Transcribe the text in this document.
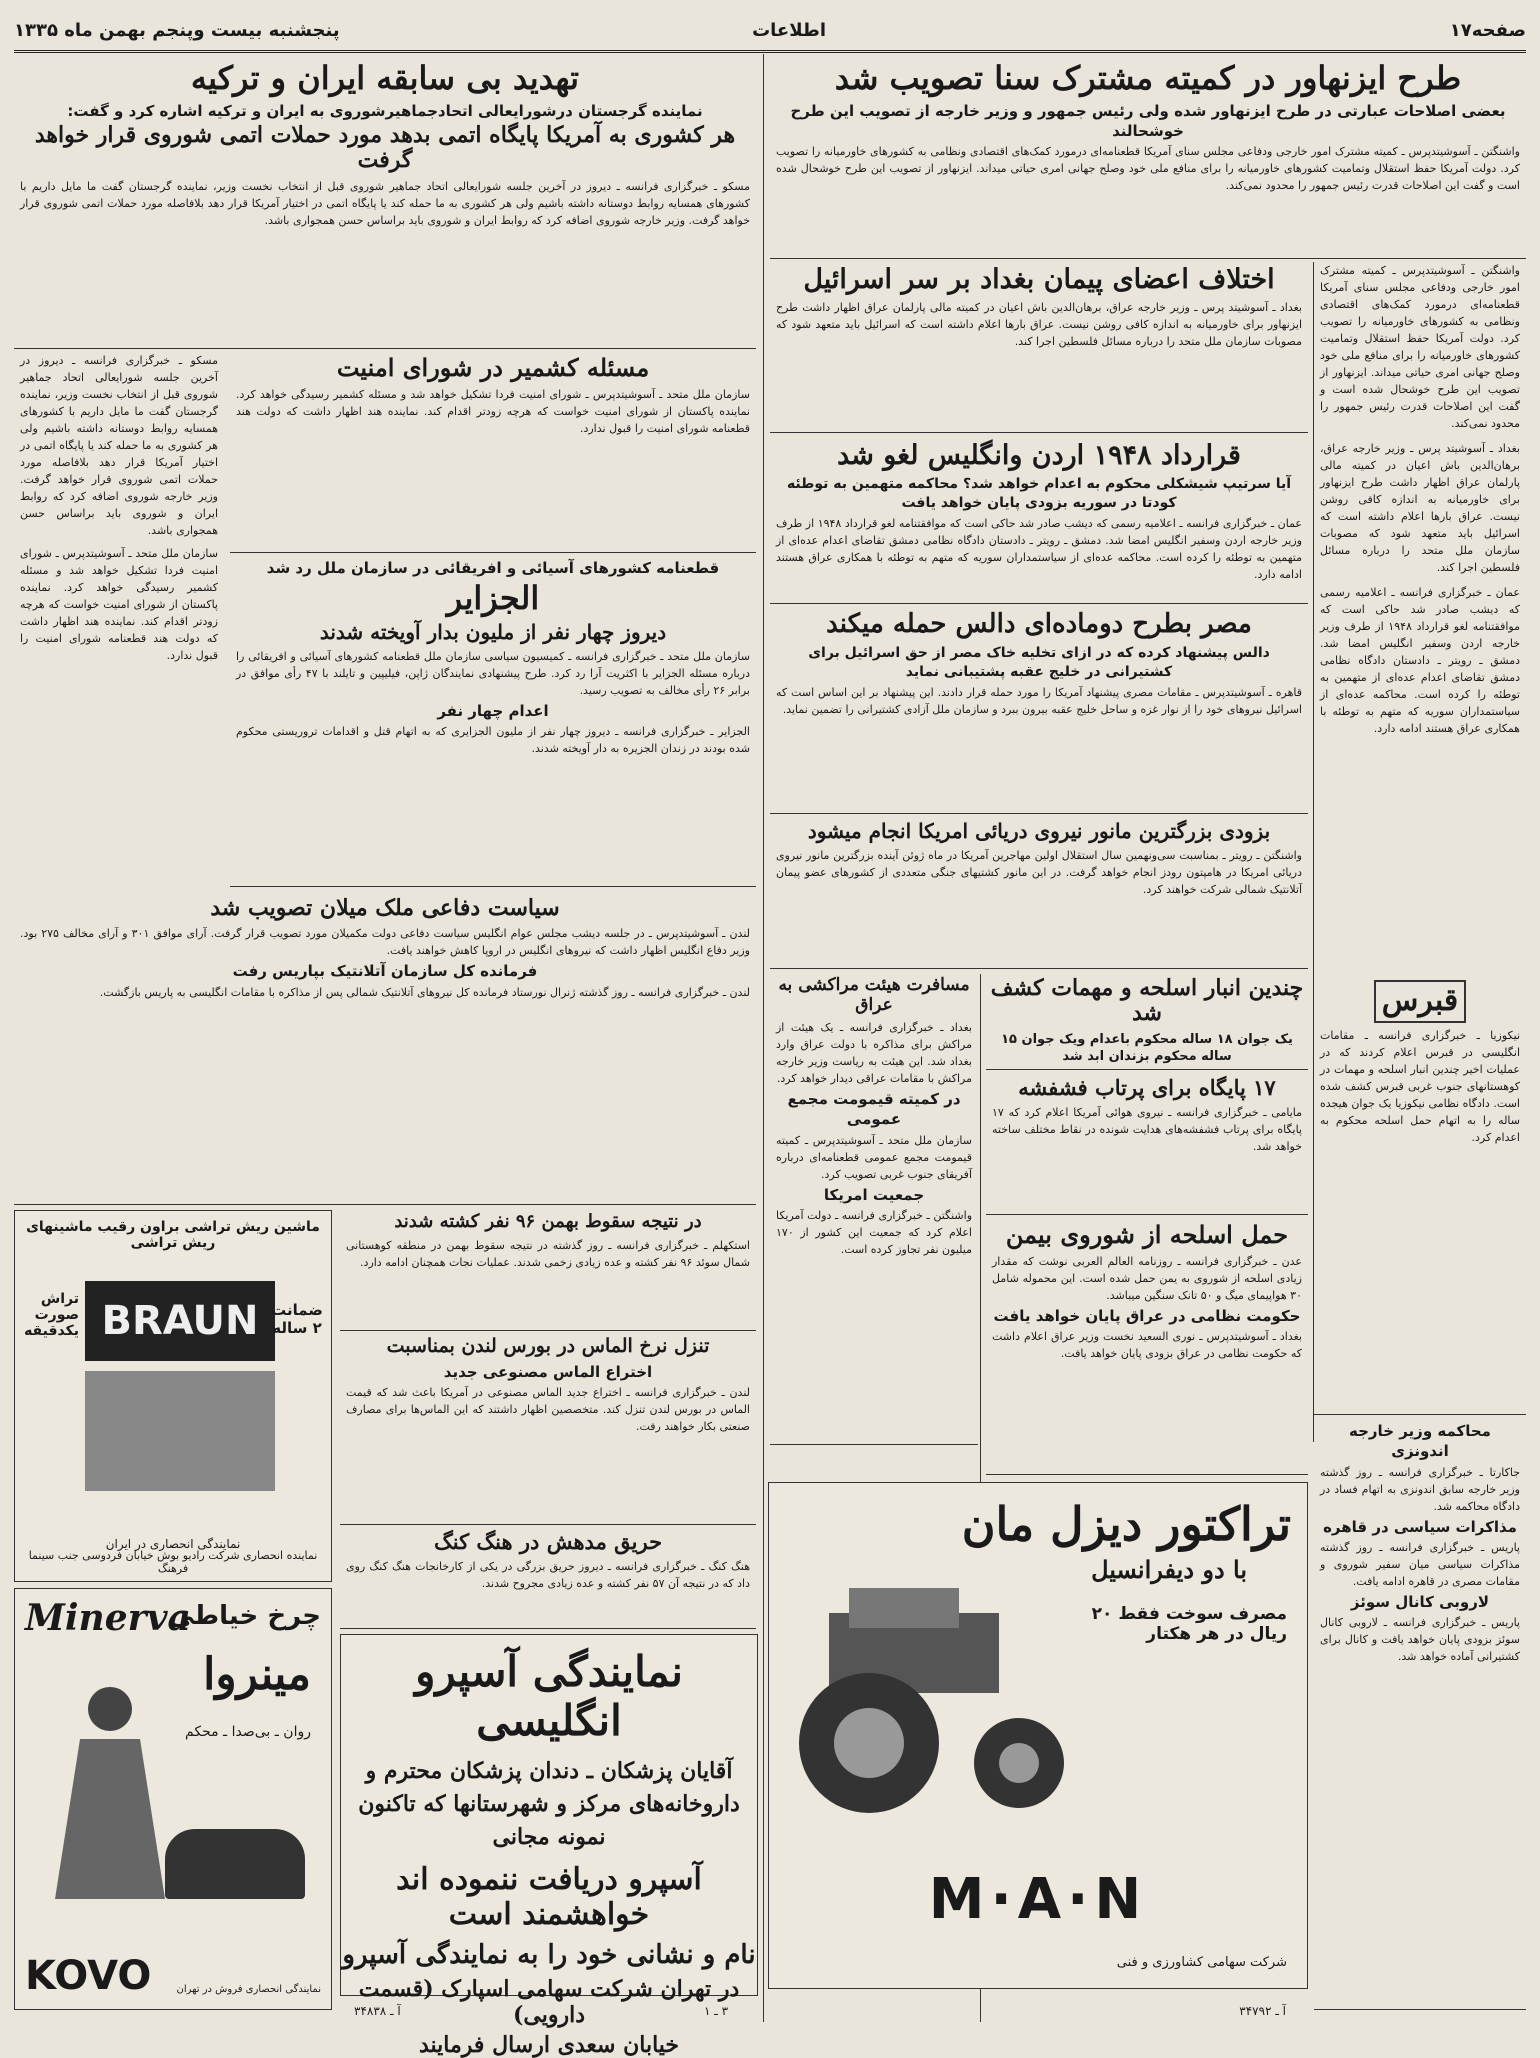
صفحه۱۷
اطلاعات
پنجشنبه بیست وپنجم بهمن ماه ۱۳۳۵
طرح ایزنهاور در کمیته مشترک سنا تصویب شد
بعضی اصلاحات عبارتی در طرح ایزنهاور شده ولی رئیس جمهور و وزیر خارجه از تصویب این طرح خوشحالند
واشنگتن ـ آسوشیتدپرس ـ کمیته مشترک امور خارجی ودفاعی مجلس سنای آمریکا قطعنامه‌ای درمورد کمک‌های اقتصادی ونظامی به کشورهای خاورمیانه را تصویب کرد. دولت آمریکا حفظ استقلال وتمامیت کشورهای خاورمیانه را برای منافع ملی خود وصلح جهانی امری حیاتی میداند. ایزنهاور از تصویب این طرح خوشحال شده است و گفت این اصلاحات قدرت رئیس جمهور را محدود نمی‌کند.
واشنگتن ـ آسوشیتدپرس ـ کمیته مشترک امور خارجی ودفاعی مجلس سنای آمریکا قطعنامه‌ای درمورد کمک‌های اقتصادی ونظامی به کشورهای خاورمیانه را تصویب کرد. دولت آمریکا حفظ استقلال وتمامیت کشورهای خاورمیانه را برای منافع ملی خود وصلح جهانی امری حیاتی میداند. ایزنهاور از تصویب این طرح خوشحال شده است و گفت این اصلاحات قدرت رئیس جمهور را محدود نمی‌کند.
بغداد ـ آسوشیتد پرس ـ وزیر خارجه عراق، برهان‌الدین باش اعیان در کمیته مالی پارلمان عراق اظهار داشت طرح ایزنهاور برای خاورمیانه به اندازه کافی روشن نیست. عراق بارها اعلام داشته است که اسرائیل باید متعهد شود که مصوبات سازمان ملل متحد را درباره مسائل فلسطین اجرا کند.
عمان ـ خبرگزاری فرانسه ـ اعلامیه رسمی که دیشب صادر شد حاکی است که موافقتنامه لغو قرارداد ۱۹۴۸ از طرف وزیر خارجه اردن وسفیر انگلیس امضا شد. دمشق ـ رویتر ـ دادستان دادگاه نظامی دمشق تقاضای اعدام عده‌ای از متهمین به توطئه را کرده است. محاکمه عده‌ای از سیاستمداران سوریه که متهم به توطئه با همکاری عراق هستند ادامه دارد.
اختلاف اعضای پیمان بغداد بر سر اسرائیل
بغداد ـ آسوشیتد پرس ـ وزیر خارجه عراق، برهان‌الدین باش اعیان در کمیته مالی پارلمان عراق اظهار داشت طرح ایزنهاور برای خاورمیانه به اندازه کافی روشن نیست. عراق بارها اعلام داشته است که اسرائیل باید متعهد شود که مصوبات سازمان ملل متحد را درباره مسائل فلسطین اجرا کند.
قرارداد ۱۹۴۸ اردن وانگلیس لغو شد
آیا سرتیپ شیشکلی محکوم به اعدام خواهد شد؟ محاکمه متهمین به توطئه کودتا در سوریه بزودی پایان خواهد یافت
عمان ـ خبرگزاری فرانسه ـ اعلامیه رسمی که دیشب صادر شد حاکی است که موافقتنامه لغو قرارداد ۱۹۴۸ از طرف وزیر خارجه اردن وسفیر انگلیس امضا شد. دمشق ـ رویتر ـ دادستان دادگاه نظامی دمشق تقاضای اعدام عده‌ای از متهمین به توطئه را کرده است. محاکمه عده‌ای از سیاستمداران سوریه که متهم به توطئه با همکاری عراق هستند ادامه دارد.
مصر بطرح دوماده‌ای دالس حمله میکند
دالس پیشنهاد کرده که در ازای تخلیه خاک مصر از حق اسرائیل برای کشتیرانی در خلیج عقبه پشتیبانی نماید
قاهره ـ آسوشیتدپرس ـ مقامات مصری پیشنهاد آمریکا را مورد حمله قرار دادند. این پیشنهاد بر این اساس است که اسرائیل نیروهای خود را از نوار غزه و ساحل خلیج عقبه بیرون ببرد و سازمان ملل آزادی کشتیرانی را تضمین نماید.
بزودی بزرگترین مانور نیروی دریائی امریکا انجام میشود
واشنگتن ـ رویتر ـ بمناسبت سی‌ونهمین سال استقلال اولین مهاجرین آمریکا در ماه ژوئن آینده بزرگترین مانور نیروی دریائی امریکا در هامپتون رودز انجام خواهد گرفت. در این مانور کشتیهای جنگی متعددی از کشورهای عضو پیمان آتلانتیک شمالی شرکت خواهند کرد.
قبرس
نیکوزیا ـ خبرگزاری فرانسه ـ مقامات انگلیسی در قبرس اعلام کردند که در عملیات اخیر چندین انبار اسلحه و مهمات در کوهستانهای جنوب غربی قبرس کشف شده است. دادگاه نظامی نیکوزیا یک جوان هیجده ساله را به اتهام حمل اسلحه محکوم به اعدام کرد.
چندین انبار اسلحه و مهمات کشف شد
یک جوان ۱۸ ساله محکوم باعدام ویک جوان ۱۵ ساله محکوم بزندان ابد شد
۱۷ پایگاه برای پرتاب فشفشه
مایامی ـ خبرگزاری فرانسه ـ نیروی هوائی آمریکا اعلام کرد که ۱۷ پایگاه برای پرتاب فشفشه‌های هدایت شونده در نقاط مختلف ساخته خواهد شد.
حمل اسلحه از شوروی بیمن
عدن ـ خبرگزاری فرانسه ـ روزنامه العالم العربی نوشت که مقدار زیادی اسلحه از شوروی به یمن حمل شده است. این محموله شامل ۳۰ هواپیمای میگ و ۵۰ تانک سنگین میباشد.
حکومت نظامی در عراق پایان خواهد یافت
بغداد ـ آسوشیتدپرس ـ نوری السعید نخست وزیر عراق اعلام داشت که حکومت نظامی در عراق بزودی پایان خواهد یافت.
محاکمه وزیر خارجه اندونزی
جاکارتا ـ خبرگزاری فرانسه ـ روز گذشته وزیر خارجه سابق اندونزی به اتهام فساد در دادگاه محاکمه شد.
مذاکرات سیاسی در قاهره
پاریس ـ خبرگزاری فرانسه ـ روز گذشته مذاکرات سیاسی میان سفیر شوروی و مقامات مصری در قاهره ادامه یافت.
لاروبی کانال سوئز
پاریس ـ خبرگزاری فرانسه ـ لاروبی کانال سوئز بزودی پایان خواهد یافت و کانال برای کشتیرانی آماده خواهد شد.
مسافرت هیئت مراکشی به عراق
بغداد ـ خبرگزاری فرانسه ـ یک هیئت از مراکش برای مذاکره با دولت عراق وارد بغداد شد. این هیئت به ریاست وزیر خارجه مراکش با مقامات عراقی دیدار خواهد کرد.
در کمیته قیمومت مجمع عمومی
سازمان ملل متحد ـ آسوشیتدپرس ـ کمیته قیمومت مجمع عمومی قطعنامه‌ای درباره آفریقای جنوب غربی تصویب کرد.
جمعیت امریکا
واشنگتن ـ خبرگزاری فرانسه ـ دولت آمریکا اعلام کرد که جمعیت این کشور از ۱۷۰ میلیون نفر تجاوز کرده است.
تراکتور دیزل مان
با دو دیفرانسیل
مصرف سوخت فقط ۲۰ ریال در هر هکتار
M·A·N
شرکت سهامی کشاورزی و فنی
تهدید بی سابقه ایران و ترکیه
نماینده گرجستان درشورایعالی اتحادجماهیرشوروی به ایران و ترکیه اشاره کرد و گفت:
هر کشوری به آمریکا پایگاه اتمی بدهد مورد حملات اتمی شوروی قرار خواهد گرفت
مسکو ـ خبرگزاری فرانسه ـ دیروز در آخرین جلسه شورایعالی اتحاد جماهیر شوروی قبل از انتخاب نخست وزیر، نماینده گرجستان گفت ما مایل داریم با کشورهای همسایه روابط دوستانه داشته باشیم ولی هر کشوری به ما حمله کند یا پایگاه اتمی در اختیار آمریکا قرار دهد بلافاصله مورد حملات اتمی شوروی قرار خواهد گرفت. وزیر خارجه شوروی اضافه کرد که روابط ایران و شوروی باید براساس حسن همجواری باشد.
مسئله کشمیر در شورای امنیت
سازمان ملل متحد ـ آسوشیتدپرس ـ شورای امنیت فردا تشکیل خواهد شد و مسئله کشمیر رسیدگی خواهد کرد. نماینده پاکستان از شورای امنیت خواست که هرچه زودتر اقدام کند. نماینده هند اظهار داشت که دولت هند قطعنامه شورای امنیت را قبول ندارد.
مسکو ـ خبرگزاری فرانسه ـ دیروز در آخرین جلسه شورایعالی اتحاد جماهیر شوروی قبل از انتخاب نخست وزیر، نماینده گرجستان گفت ما مایل داریم با کشورهای همسایه روابط دوستانه داشته باشیم ولی هر کشوری به ما حمله کند یا پایگاه اتمی در اختیار آمریکا قرار دهد بلافاصله مورد حملات اتمی شوروی قرار خواهد گرفت. وزیر خارجه شوروی اضافه کرد که روابط ایران و شوروی باید براساس حسن همجواری باشد.
سازمان ملل متحد ـ آسوشیتدپرس ـ شورای امنیت فردا تشکیل خواهد شد و مسئله کشمیر رسیدگی خواهد کرد. نماینده پاکستان از شورای امنیت خواست که هرچه زودتر اقدام کند. نماینده هند اظهار داشت که دولت هند قطعنامه شورای امنیت را قبول ندارد.
قطعنامه کشورهای آسیائی و افریقائی در سازمان ملل رد شد
الجزایر
دیروز چهار نفر از ملیون بدار آویخته شدند
سازمان ملل متحد ـ خبرگزاری فرانسه ـ کمیسیون سیاسی سازمان ملل قطعنامه کشورهای آسیائی و افریقائی را درباره مسئله الجزایر با اکثریت آرا رد کرد. طرح پیشنهادی نمایندگان ژاپن، فیلیپین و تایلند با ۴۷ رأی موافق در برابر ۲۶ رأی مخالف به تصویب رسید.
اعدام چهار نفر
الجزایر ـ خبرگزاری فرانسه ـ دیروز چهار نفر از ملیون الجزایری که به اتهام قتل و اقدامات تروریستی محکوم شده بودند در زندان الجزیره به دار آویخته شدند.
سیاست دفاعی ملک میلان تصویب شد
لندن ـ آسوشیتدپرس ـ در جلسه دیشب مجلس عوام انگلیس سیاست دفاعی دولت مکمیلان مورد تصویب قرار گرفت. آرای موافق ۳۰۱ و آرای مخالف ۲۷۵ بود. وزیر دفاع انگلیس اظهار داشت که نیروهای انگلیس در اروپا کاهش خواهند یافت.
فرمانده کل سازمان آتلانتیک بپاریس رفت
لندن ـ خبرگزاری فرانسه ـ روز گذشته ژنرال نورستاد فرمانده کل نیروهای آتلانتیک شمالی پس از مذاکره با مقامات انگلیسی به پاریس بازگشت.
در نتیجه سقوط بهمن ۹۶ نفر کشته شدند
استکهلم ـ خبرگزاری فرانسه ـ روز گذشته در نتیجه سقوط بهمن در منطقه کوهستانی شمال سوئد ۹۶ نفر کشته و عده زیادی زخمی شدند. عملیات نجات همچنان ادامه دارد.
تنزل نرخ الماس در بورس لندن بمناسبت
اختراع الماس مصنوعی جدید
لندن ـ خبرگزاری فرانسه ـ اختراع جدید الماس مصنوعی در آمریکا باعث شد که قیمت الماس در بورس لندن تنزل کند. متخصصین اظهار داشتند که این الماس‌ها برای مصارف صنعتی بکار خواهند رفت.
حریق مدهش در هنگ کنگ
هنگ کنگ ـ خبرگزاری فرانسه ـ دیروز حریق بزرگی در یکی از کارخانجات هنگ کنگ روی داد که در نتیجه آن ۵۷ نفر کشته و عده زیادی مجروح شدند.
ماشین ریش تراشی براون رقیب ماشینهای ریش تراشی
BRAUN ضمانت ۲ ساله
تراش صورت یکدقیقه
نمایندگی انحصاری در ایران
نماینده انحصاری شرکت رادیو بوش خیابان فردوسی جنب سینما فرهنگ
Minerva
چرخ خیاطی
مینروا
روان ـ بی‌صدا ـ محکم
KOVO	نمایندگی انحصاری فروش در تهران
نمایندگی آسپرو انگلیسی
آقایان پزشکان ـ دندان پزشکان محترم و داروخانه‌های مرکز و شهرستانها که تاکنون نمونه مجانی
آسپرو دریافت ننموده اند خواهشمند است
نام و نشانی خود را به نمایندگی آسپرو
در تهران شرکت سهامی اسپارک (قسمت دارویی)
خیابان سعدی ارسال فرمایند
آ ـ ۳۴۸۳۸	۳ ـ ۱	آ ـ ۳۴۷۹۲
